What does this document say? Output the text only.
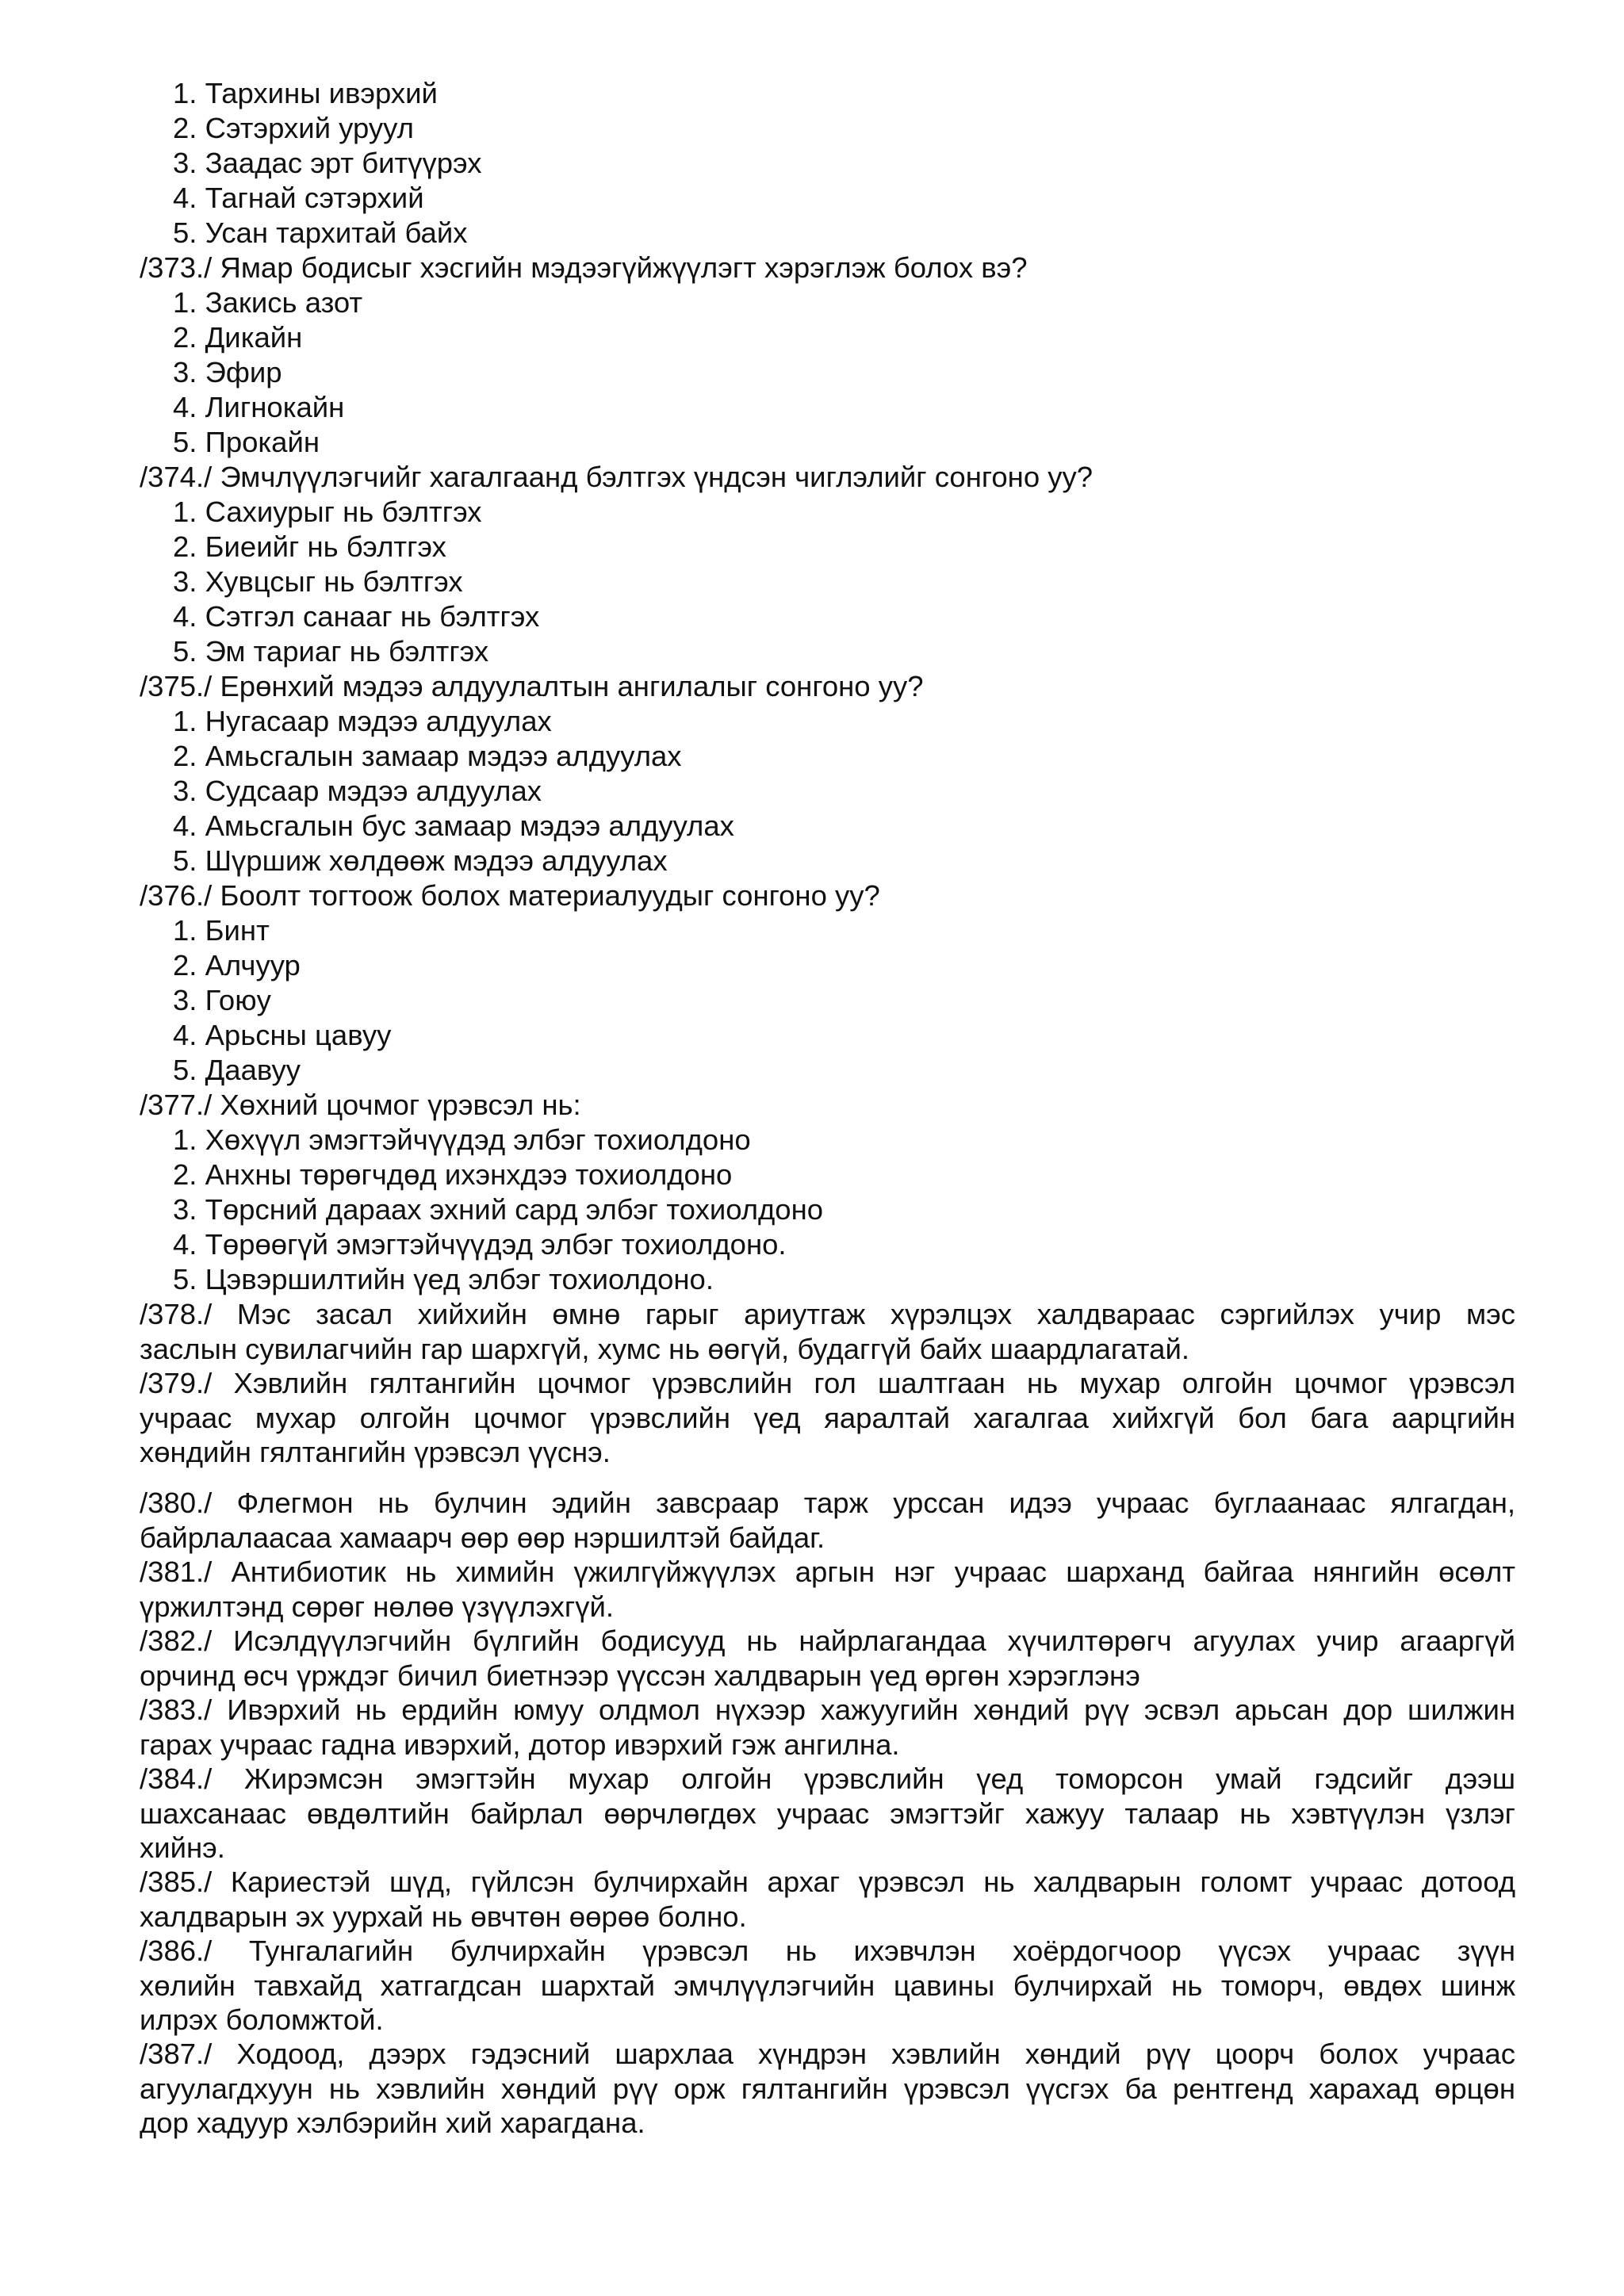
1. Тархины ивэрхий
2. Сэтэрхий уруул
3. Заадас эрт битүүрэх
4. Тагнай сэтэрхий
5. Усан тархитай байх
/373./ Ямар бодисыг хэсгийн мэдээгүйжүүлэгт хэрэглэж болох вэ?
1. Закись азот
2. Дикайн
3. Эфир
4. Лигнокайн
5. Прокайн
/374./ Эмчлүүлэгчийг хагалгаанд бэлтгэх үндсэн чиглэлийг сонгоно уу?
1. Сахиурыг нь бэлтгэх
2. Биеийг нь бэлтгэх
3. Хувцсыг нь бэлтгэх
4. Сэтгэл санааг нь бэлтгэх
5. Эм тариаг нь бэлтгэх
/375./ Ерөнхий мэдээ алдуулалтын ангилалыг сонгоно уу?
1. Нугасаар мэдээ алдуулах
2. Амьсгалын замаар мэдээ алдуулах
3. Судсаар мэдээ алдуулах
4. Амьсгалын бус замаар мэдээ алдуулах
5. Шүршиж хөлдөөж мэдээ алдуулах
/376./ Боолт тогтоож болох материалуудыг сонгоно уу?
1. Бинт
2. Алчуур
3. Гоюу
4. Арьсны цавуу
5. Даавуу
/377./ Хөхний цочмог үрэвсэл нь:
1. Хөхүүл эмэгтэйчүүдэд элбэг тохиолдоно
2. Анхны төрөгчдөд ихэнхдээ тохиолдоно
3. Төрсний дараах эхний сард элбэг тохиолдоно
4. Төрөөгүй эмэгтэйчүүдэд элбэг тохиолдоно.
5. Цэвэршилтийн үед элбэг тохиолдоно.
/378./ Мэс засал хийхийн өмнө гарыг ариутгаж хүрэлцэх халдвараас сэргийлэх учир мэс
заслын сувилагчийн гар шархгүй, хумс нь өөгүй, будаггүй байх шаардлагатай.
/379./ Хэвлийн гялтангийн цочмог үрэвслийн гол шалтгаан нь мухар олгойн цочмог үрэвсэл
учраас мухар олгойн цочмог үрэвслийн үед яаралтай хагалгаа хийхгүй бол бага аарцгийн
хөндийн гялтангийн үрэвсэл үүснэ.
/380./ Флегмон нь булчин эдийн завсраар тарж урссан идээ учраас буглаанаас ялгагдан,
байрлалаасаа хамаарч өөр өөр нэршилтэй байдаг.
/381./ Антибиотик нь химийн үжилгүйжүүлэх аргын нэг учраас шарханд байгаа нянгийн өсөлт
үржилтэнд сөрөг нөлөө үзүүлэхгүй.
/382./ Исэлдүүлэгчийн бүлгийн бодисууд нь найрлагандаа хүчилтөрөгч агуулах учир агааргүй
орчинд өсч үрждэг бичил биетнээр үүссэн халдварын үед өргөн хэрэглэнэ
/383./ Ивэрхий нь ердийн юмуу олдмол нүхээр хажуугийн хөндий рүү эсвэл арьсан дор шилжин
гарах учраас гадна ивэрхий, дотор ивэрхий гэж ангилна.
/384./ Жирэмсэн эмэгтэйн мухар олгойн үрэвслийн үед томорсон умай гэдсийг дээш
шахсанаас өвдөлтийн байрлал өөрчлөгдөх учраас эмэгтэйг хажуу талаар нь хэвтүүлэн үзлэг
хийнэ.
/385./ Кариестэй шүд, гүйлсэн булчирхайн архаг үрэвсэл нь халдварын голомт учраас дотоод
халдварын эх уурхай нь өвчтөн өөрөө болно.
/386./ Тунгалагийн булчирхайн үрэвсэл нь ихэвчлэн хоёрдогчоор үүсэх учраас зүүн
хөлийн тавхайд хатгагдсан шархтай эмчлүүлэгчийн цавины булчирхай нь томорч, өвдөх шинж
илрэх боломжтой.
/387./ Ходоод, дээрх гэдэсний шархлаа хүндрэн хэвлийн хөндий рүү цоорч болох учраас
агуулагдхуун нь хэвлийн хөндий рүү орж гялтангийн үрэвсэл үүсгэх ба рентгенд харахад өрцөн
дор хадуур хэлбэрийн хий харагдана.
